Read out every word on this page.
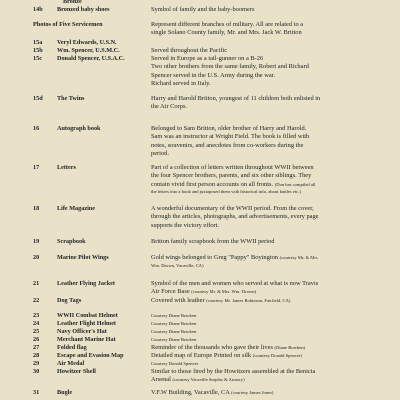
Bronze
14b Bronzed baby shoes	Symbol of family and the baby-boomers
Photos of Five Servicemen	Represent different branches of military. All are related to a
single Solano County family, Mr. and Mrs. Jack W. Britton
15a Veryl Edwards, U.S.N.
15b Wm. Spencer, U.S.M.C.	Served throughout the Pacific
15c Donald Spencer, U.S.A.C.	Served in Europe as a tail-gunner on a B-26
Two other brothers from the same family, Robert and Richard
Spencer served in the U.S. Army during the war.
Richard served in Italy.
15d The Twins	Harry and Harold Britton, youngest of 11 children both enlisted in
the Air Corps.
16	Autograph book	Belonged to Sam Britton, older brother of Harry and Harold.
Sam was an instructor at Wright Field. The book is filled with
notes, souvenirs, and anecdotes from co-workers during the
period.
17	Letters	Part of a collection of letters written throughout WWII between
the four Spencer brothers, parents, and six other siblings. They
contain vivid first person accounts on all fronts. (Don has compiled all
the letters into a book and juxtaposed them with historical info, about battles etc.)
18	Life Magazine	A wonderful documentary of the WWII period. From the cover,
through the articles, photographs, and advertisements, every page
supports the victory effort.
19	Scrapbook	Britton family scrapbook from the WWII period
20	Marine Pilot Wings	Gold wings belonged to Greg "Pappy" Boyington (courtesy Mr. & Mrs
Wm. Drown, Vacaville, CA)
21	Leather Flying Jacket	Symbol of the men and women who served at what is now Travis
Air Force Base (courtesy Mr. & Mrs. Wm. Drown)
22	Dog Tags	Covered with leather (courtesy Mr. James Robinson, Fairfield, CA)
23	WWII Combat Helmet	Courtesy Diane Bracken
24	Leather Flight Helmet	Courtesy Diane Bracken
25	Navy Officer's Hat	Courtesy Diane Bracken
26	Merchant Marine Hat	Courtesy Diane Bracken
27	Folded flag	Reminder of the thousands who gave their lives (Diane Bracken)
28	Escape and Evasion Map	Detailed map of Europe Printed on silk (courtesy Donald Spencer)
29	Air Medal	Courtesy Donald Spencer
30	Howitzer Shell	Similar to those fired by the Howitzers assembled at the Benicia
Arsenal (courtesy Vacaville Surplus & Armory)
31	Bugle	V.F.W Building, Vacaville, CA (courtesy James Jones)
